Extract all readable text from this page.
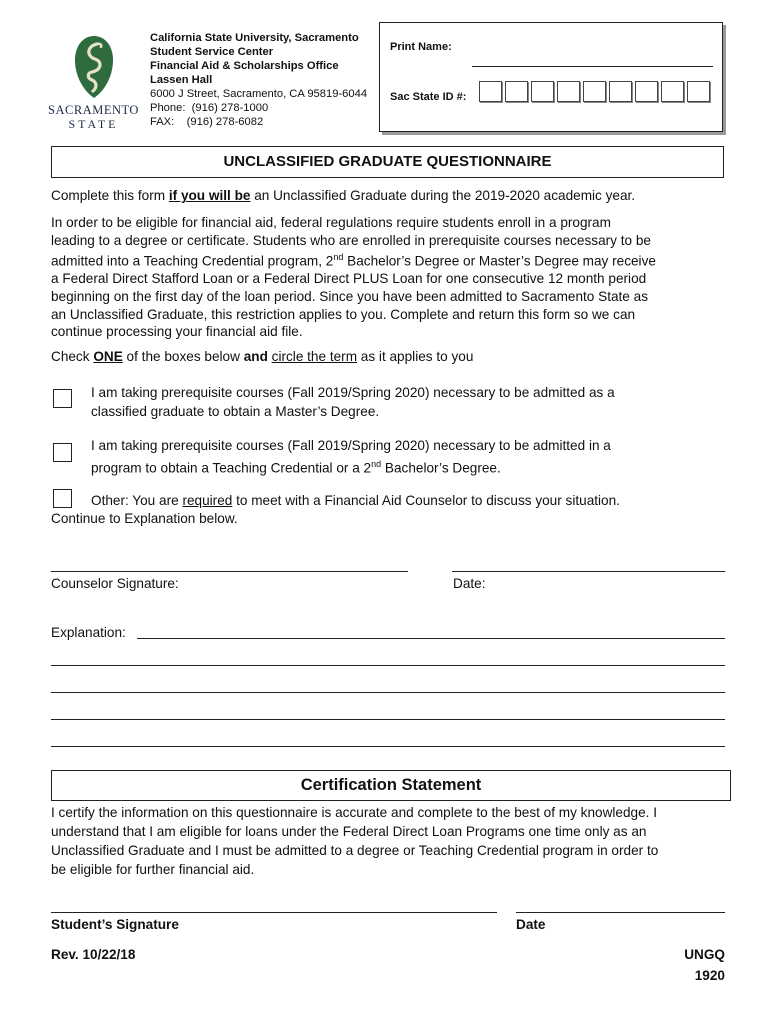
SACRAMENTO
STATE
California State University, Sacramento
Student Service Center
Financial Aid & Scholarships Office
Lassen Hall
6000 J Street, Sacramento, CA 95819-6044
Phone:  (916) 278-1000
FAX:    (916) 278-6082
Print Name:
Sac State ID #:
UNCLASSIFIED GRADUATE QUESTIONNAIRE
Complete this form if you will be an Unclassified Graduate during the 2019-2020 academic year.
In order to be eligible for financial aid, federal regulations require students enroll in a program
leading to a degree or certificate. Students who are enrolled in prerequisite courses necessary to be
admitted into a Teaching Credential program, 2nd Bachelor’s Degree or Master’s Degree may receive
a Federal Direct Stafford Loan or a Federal Direct PLUS Loan for one consecutive 12 month period
beginning on the first day of the loan period. Since you have been admitted to Sacramento State as
an Unclassified Graduate, this restriction applies to you. Complete and return this form so we can
continue processing your financial aid file.
Check ONE of the boxes below and circle the term as it applies to you
I am taking prerequisite courses (Fall 2019/Spring 2020) necessary to be admitted as a
classified graduate to obtain a Master’s Degree.
I am taking prerequisite courses (Fall 2019/Spring 2020) necessary to be admitted in a
program to obtain a Teaching Credential or a 2nd Bachelor’s Degree.
Other: You are required to meet with a Financial Aid Counselor to discuss your situation.
Continue to Explanation below.
Counselor Signature:	Date:
Explanation:
Certification Statement
I certify the information on this questionnaire is accurate and complete to the best of my knowledge. I
understand that I am eligible for loans under the Federal Direct Loan Programs one time only as an
Unclassified Graduate and I must be admitted to a degree or Teaching Credential program in order to
be eligible for further financial aid.
Student’s Signature	Date
Rev. 10/22/18	UNGQ
1920
